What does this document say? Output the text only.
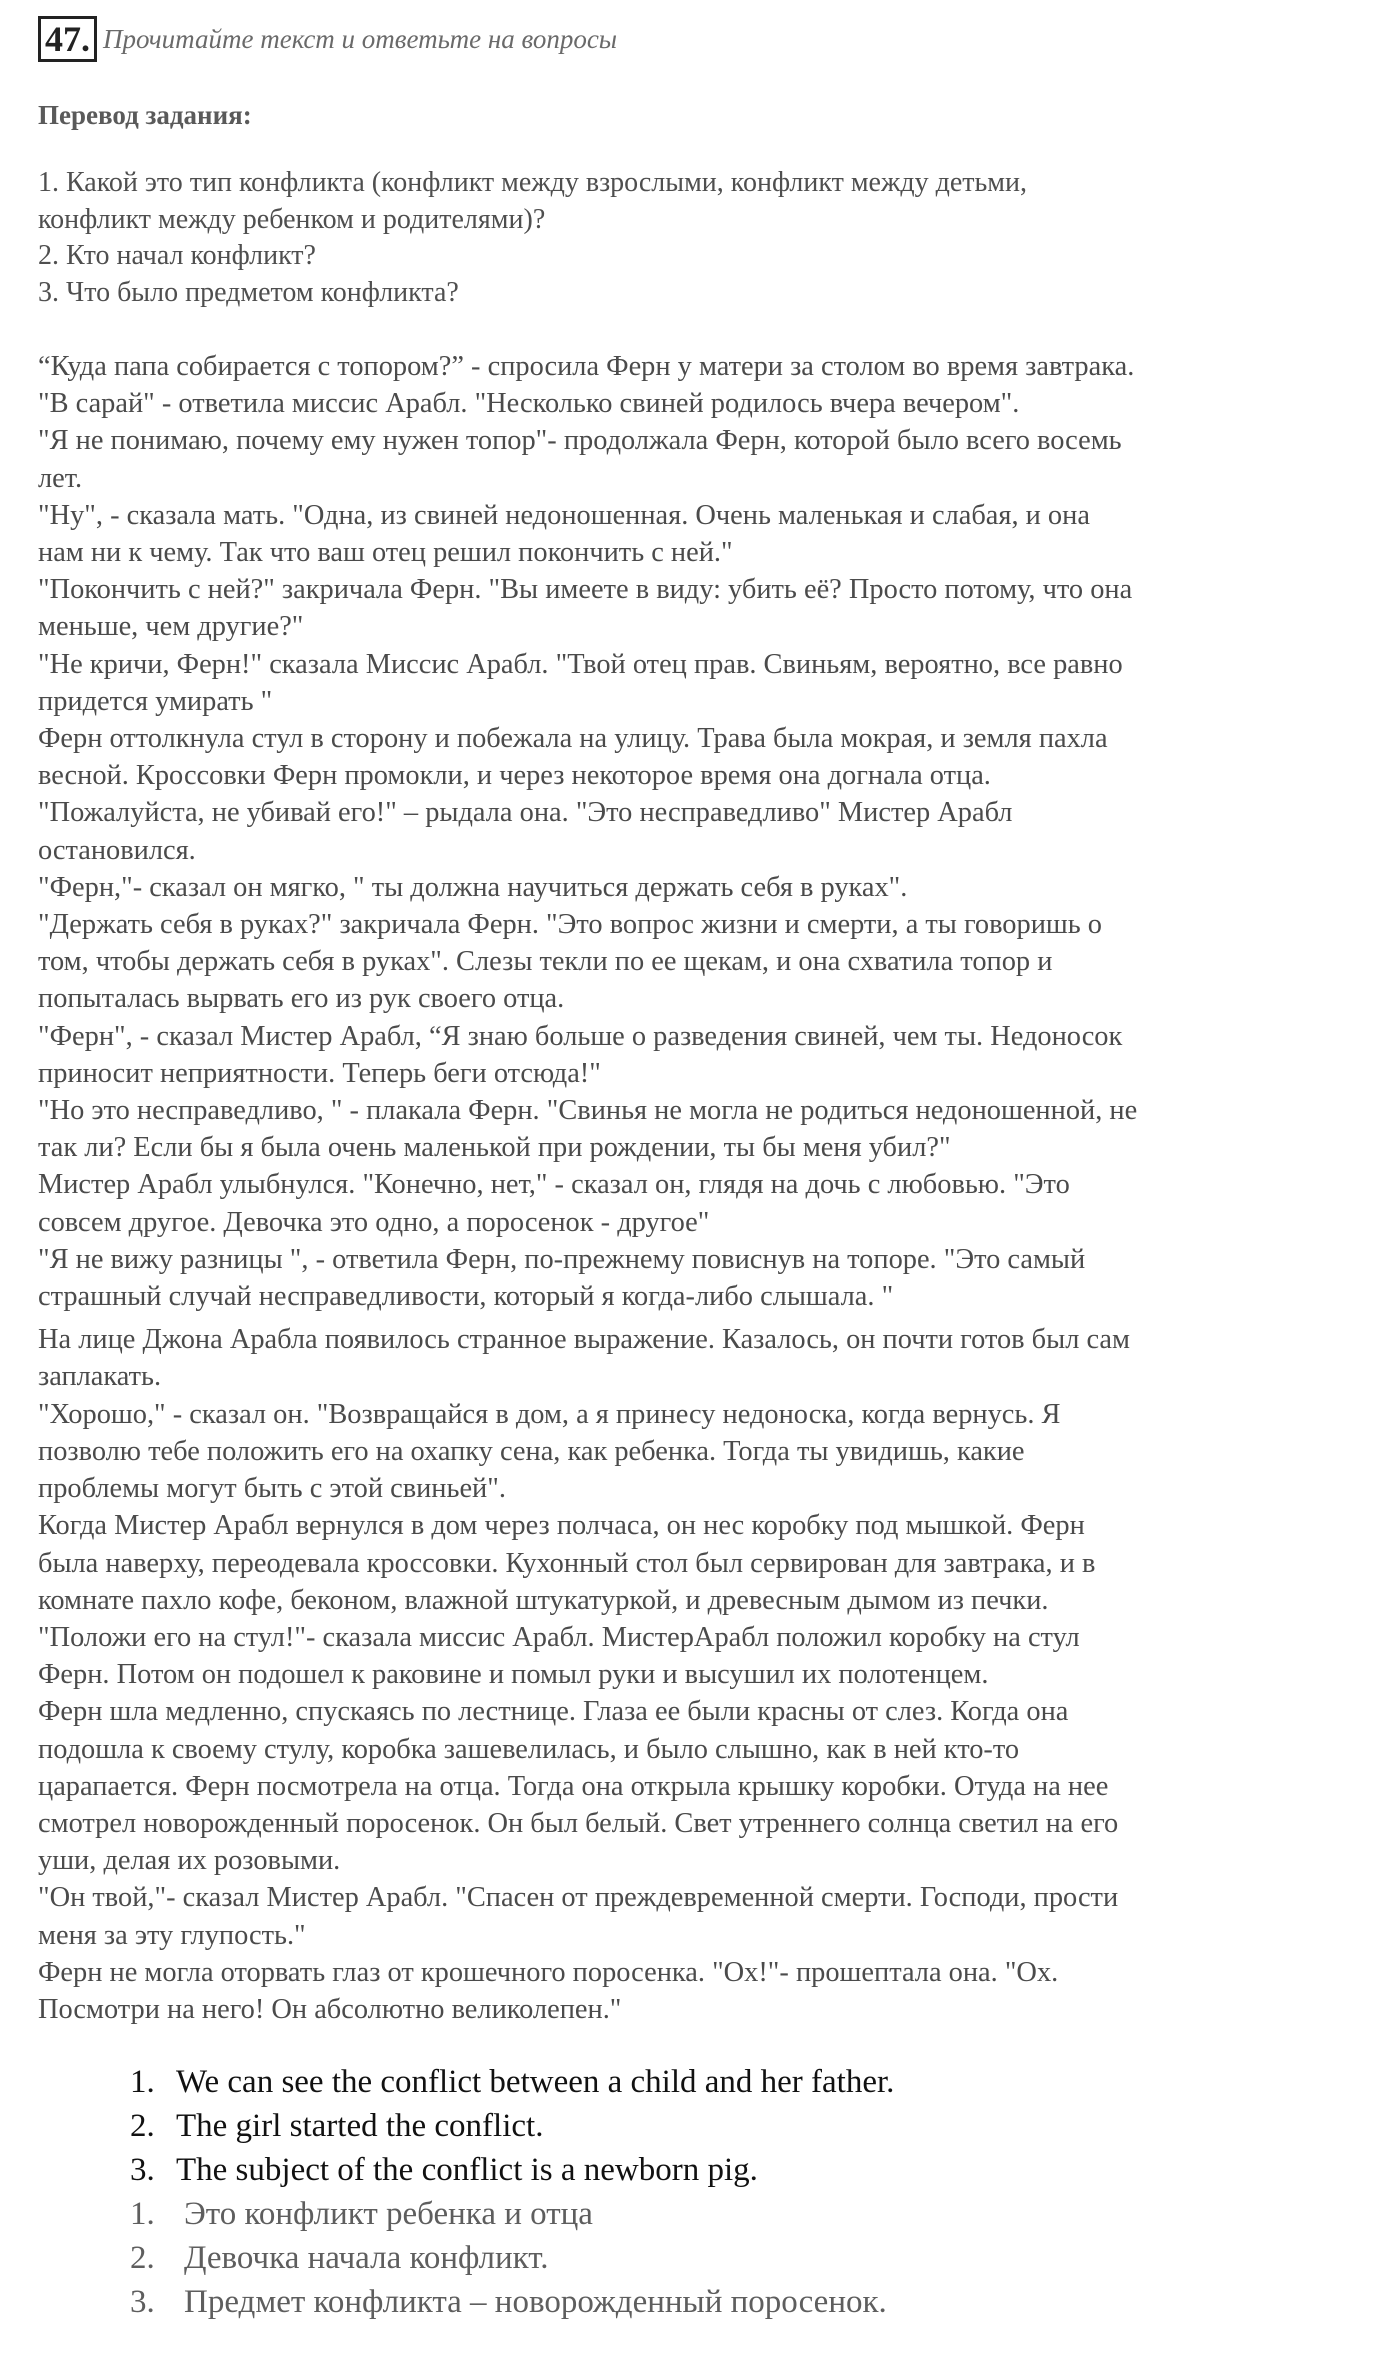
47. Прочитайте текст и ответьте на вопросы
Перевод задания:
1. Какой это тип конфликта (конфликт между взрослыми, конфликт между детьми,
конфликт между ребенком и родителями)?
2. Кто начал конфликт?
3. Что было предметом конфликта?
“Куда папа собирается с топором?” - спросила Ферн у матери за столом во время завтрака.
"В сарай" - ответила миссис Арабл. "Несколько свиней родилось вчера вечером".
"Я не понимаю, почему ему нужен топор"- продолжала Ферн, которой было всего восемь
лет.
"Ну", - сказала мать. "Одна, из свиней недоношенная. Очень маленькая и слабая, и она
нам ни к чему. Так что ваш отец решил покончить с ней."
"Покончить с ней?" закричала Ферн. "Вы имеете в виду: убить её? Просто потому, что она
меньше, чем другие?"
"Не кричи, Ферн!" сказала Миссис Арабл. "Твой отец прав. Свиньям, вероятно, все равно
придется умирать "
Ферн оттолкнула стул в сторону и побежала на улицу. Трава была мокрая, и земля пахла
весной. Кроссовки Ферн промокли, и через некоторое время она догнала отца.
"Пожалуйста, не убивай его!" – рыдала она. "Это несправедливо" Мистер Арабл
остановился.
"Ферн,"- сказал он мягко, " ты должна научиться держать себя в руках".
"Держать себя в руках?" закричала Ферн. "Это вопрос жизни и смерти, а ты говоришь о
том, чтобы держать себя в руках". Слезы текли по ее щекам, и она схватила топор и
попыталась вырвать его из рук своего отца.
"Ферн", - сказал Мистер Арабл, “Я знаю больше о разведения свиней, чем ты. Недоносок
приносит неприятности. Теперь беги отсюда!"
"Но это несправедливо, " - плакала Ферн. "Свинья не могла не родиться недоношенной, не
так ли? Если бы я была очень маленькой при рождении, ты бы меня убил?"
Мистер Арабл улыбнулся. "Конечно, нет," - сказал он, глядя на дочь с любовью. "Это
совсем другое. Девочка это одно, а поросенок - другое"
"Я не вижу разницы ", - ответила Ферн, по-прежнему повиснув на топоре. "Это самый
страшный случай несправедливости, который я когда-либо слышала. "
На лице Джона Арабла появилось странное выражение. Казалось, он почти готов был сам
заплакать.
"Хорошо," - сказал он. "Возвращайся в дом, а я принесу недоноска, когда вернусь. Я
позволю тебе положить его на охапку сена, как ребенка. Тогда ты увидишь, какие
проблемы могут быть с этой свиньей".
Когда Мистер Арабл вернулся в дом через полчаса, он нес коробку под мышкой. Ферн
была наверху, переодевала кроссовки. Кухонный стол был сервирован для завтрака, и в
комнате пахло кофе, беконом, влажной штукатуркой, и древесным дымом из печки.
"Положи его на стул!"- сказала миссис Арабл. МистерАрабл положил коробку на стул
Ферн. Потом он подошел к раковине и помыл руки и высушил их полотенцем.
Ферн шла медленно, спускаясь по лестнице. Глаза ее были красны от слез. Когда она
подошла к своему стулу, коробка зашевелилась, и было слышно, как в ней кто-то
царапается. Ферн посмотрела на отца. Тогда она открыла крышку коробки. Отуда на нее
смотрел новорожденный поросенок. Он был белый. Свет утреннего солнца светил на его
уши, делая их розовыми.
"Он твой,"- сказал Мистер Арабл. "Спасен от преждевременной смерти. Господи, прости
меня за эту глупость."
Ферн не могла оторвать глаз от крошечного поросенка. "Ох!"- прошептала она. "Ох.
Посмотри на него! Он абсолютно великолепен."
1. We can see the conflict between a child and her father.
2. The girl started the conflict.
3. The subject of the conflict is a newborn pig.
1. Это конфликт ребенка и отца
2. Девочка начала конфликт.
3. Предмет конфликта – новорожденный поросенок.
